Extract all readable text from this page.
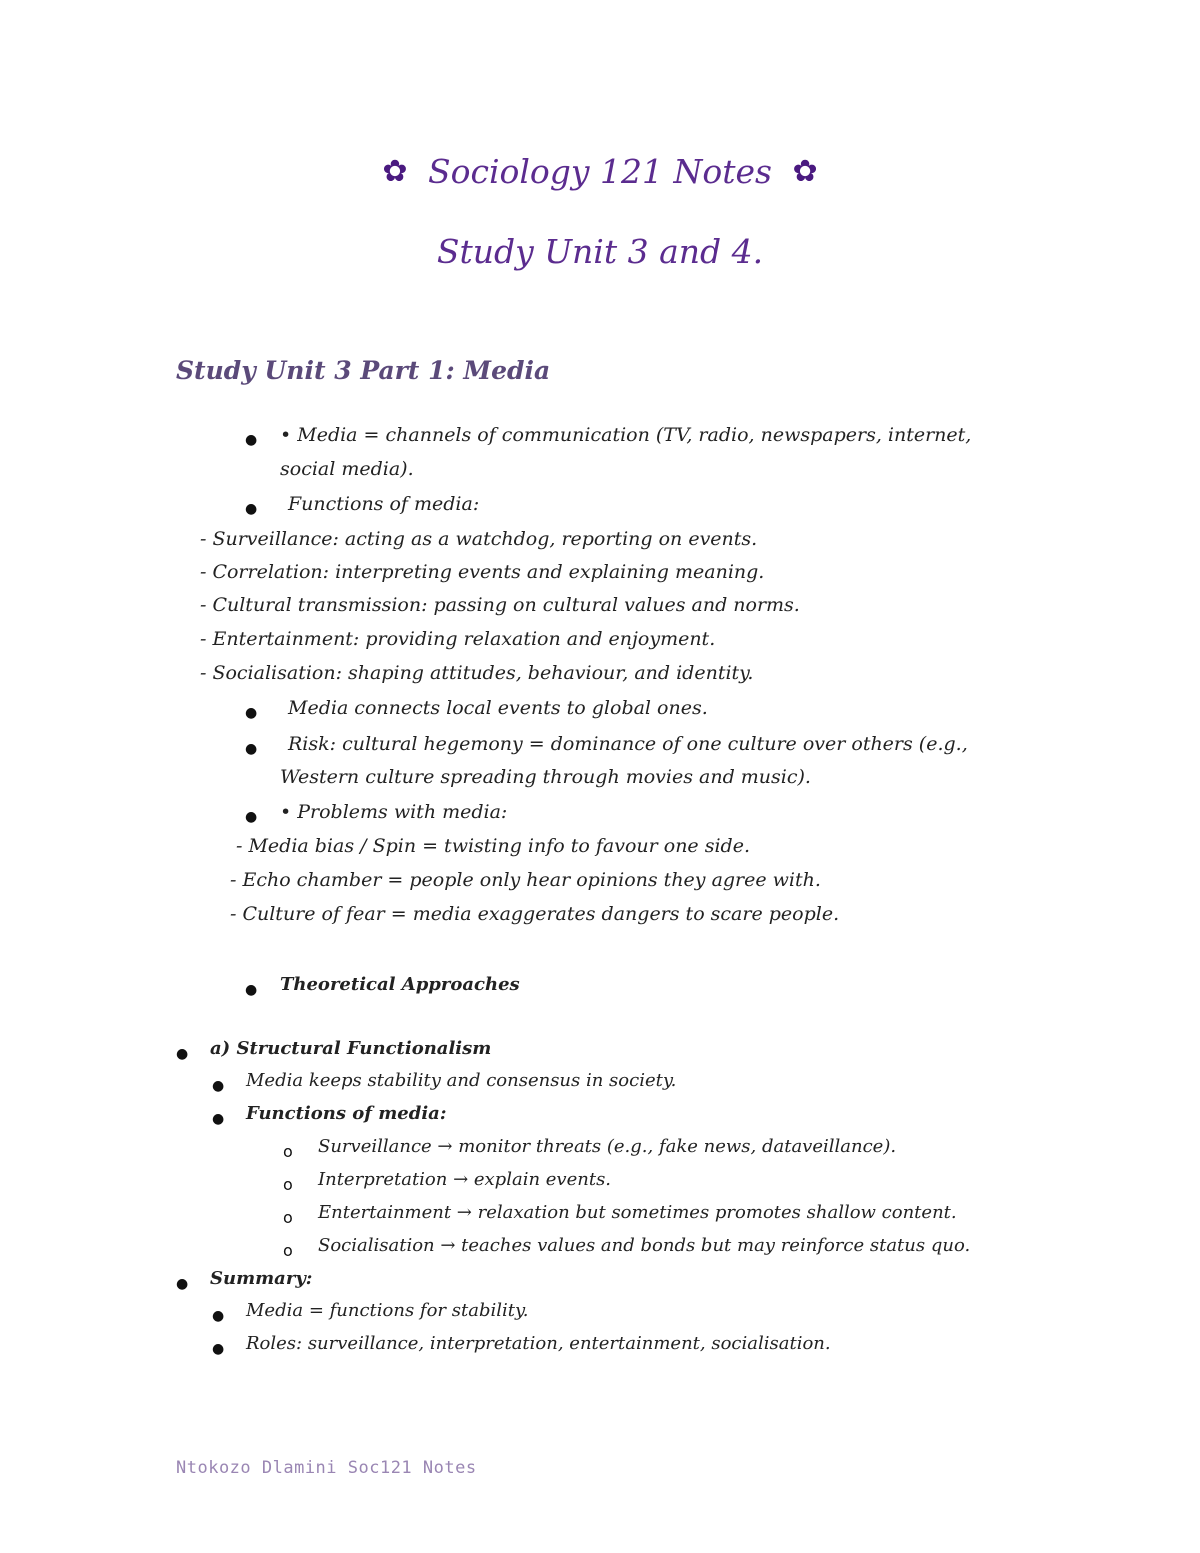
✿ Sociology 121 Notes ✿
Study Unit 3 and 4.
Study Unit 3 Part 1: Media
● • Media = channels of communication (TV, radio, newspapers, internet,
social media).
● Functions of media:
- Surveillance: acting as a watchdog, reporting on events.
- Correlation: interpreting events and explaining meaning.
- Cultural transmission: passing on cultural values and norms.
- Entertainment: providing relaxation and enjoyment.
- Socialisation: shaping attitudes, behaviour, and identity.
● Media connects local events to global ones.
● Risk: cultural hegemony = dominance of one culture over others (e.g.,
Western culture spreading through movies and music).
● • Problems with media:
- Media bias / Spin = twisting info to favour one side.
- Echo chamber = people only hear opinions they agree with.
- Culture of fear = media exaggerates dangers to scare people.
● Theoretical Approaches
● a) Structural Functionalism
● Media keeps stability and consensus in society.
● Functions of media:
o Surveillance → monitor threats (e.g., fake news, dataveillance).
o Interpretation → explain events.
o Entertainment → relaxation but sometimes promotes shallow content.
o Socialisation → teaches values and bonds but may reinforce status quo.
● Summary:
● Media = functions for stability.
● Roles: surveillance, interpretation, entertainment, socialisation.
Ntokozo Dlamini Soc121 Notes
